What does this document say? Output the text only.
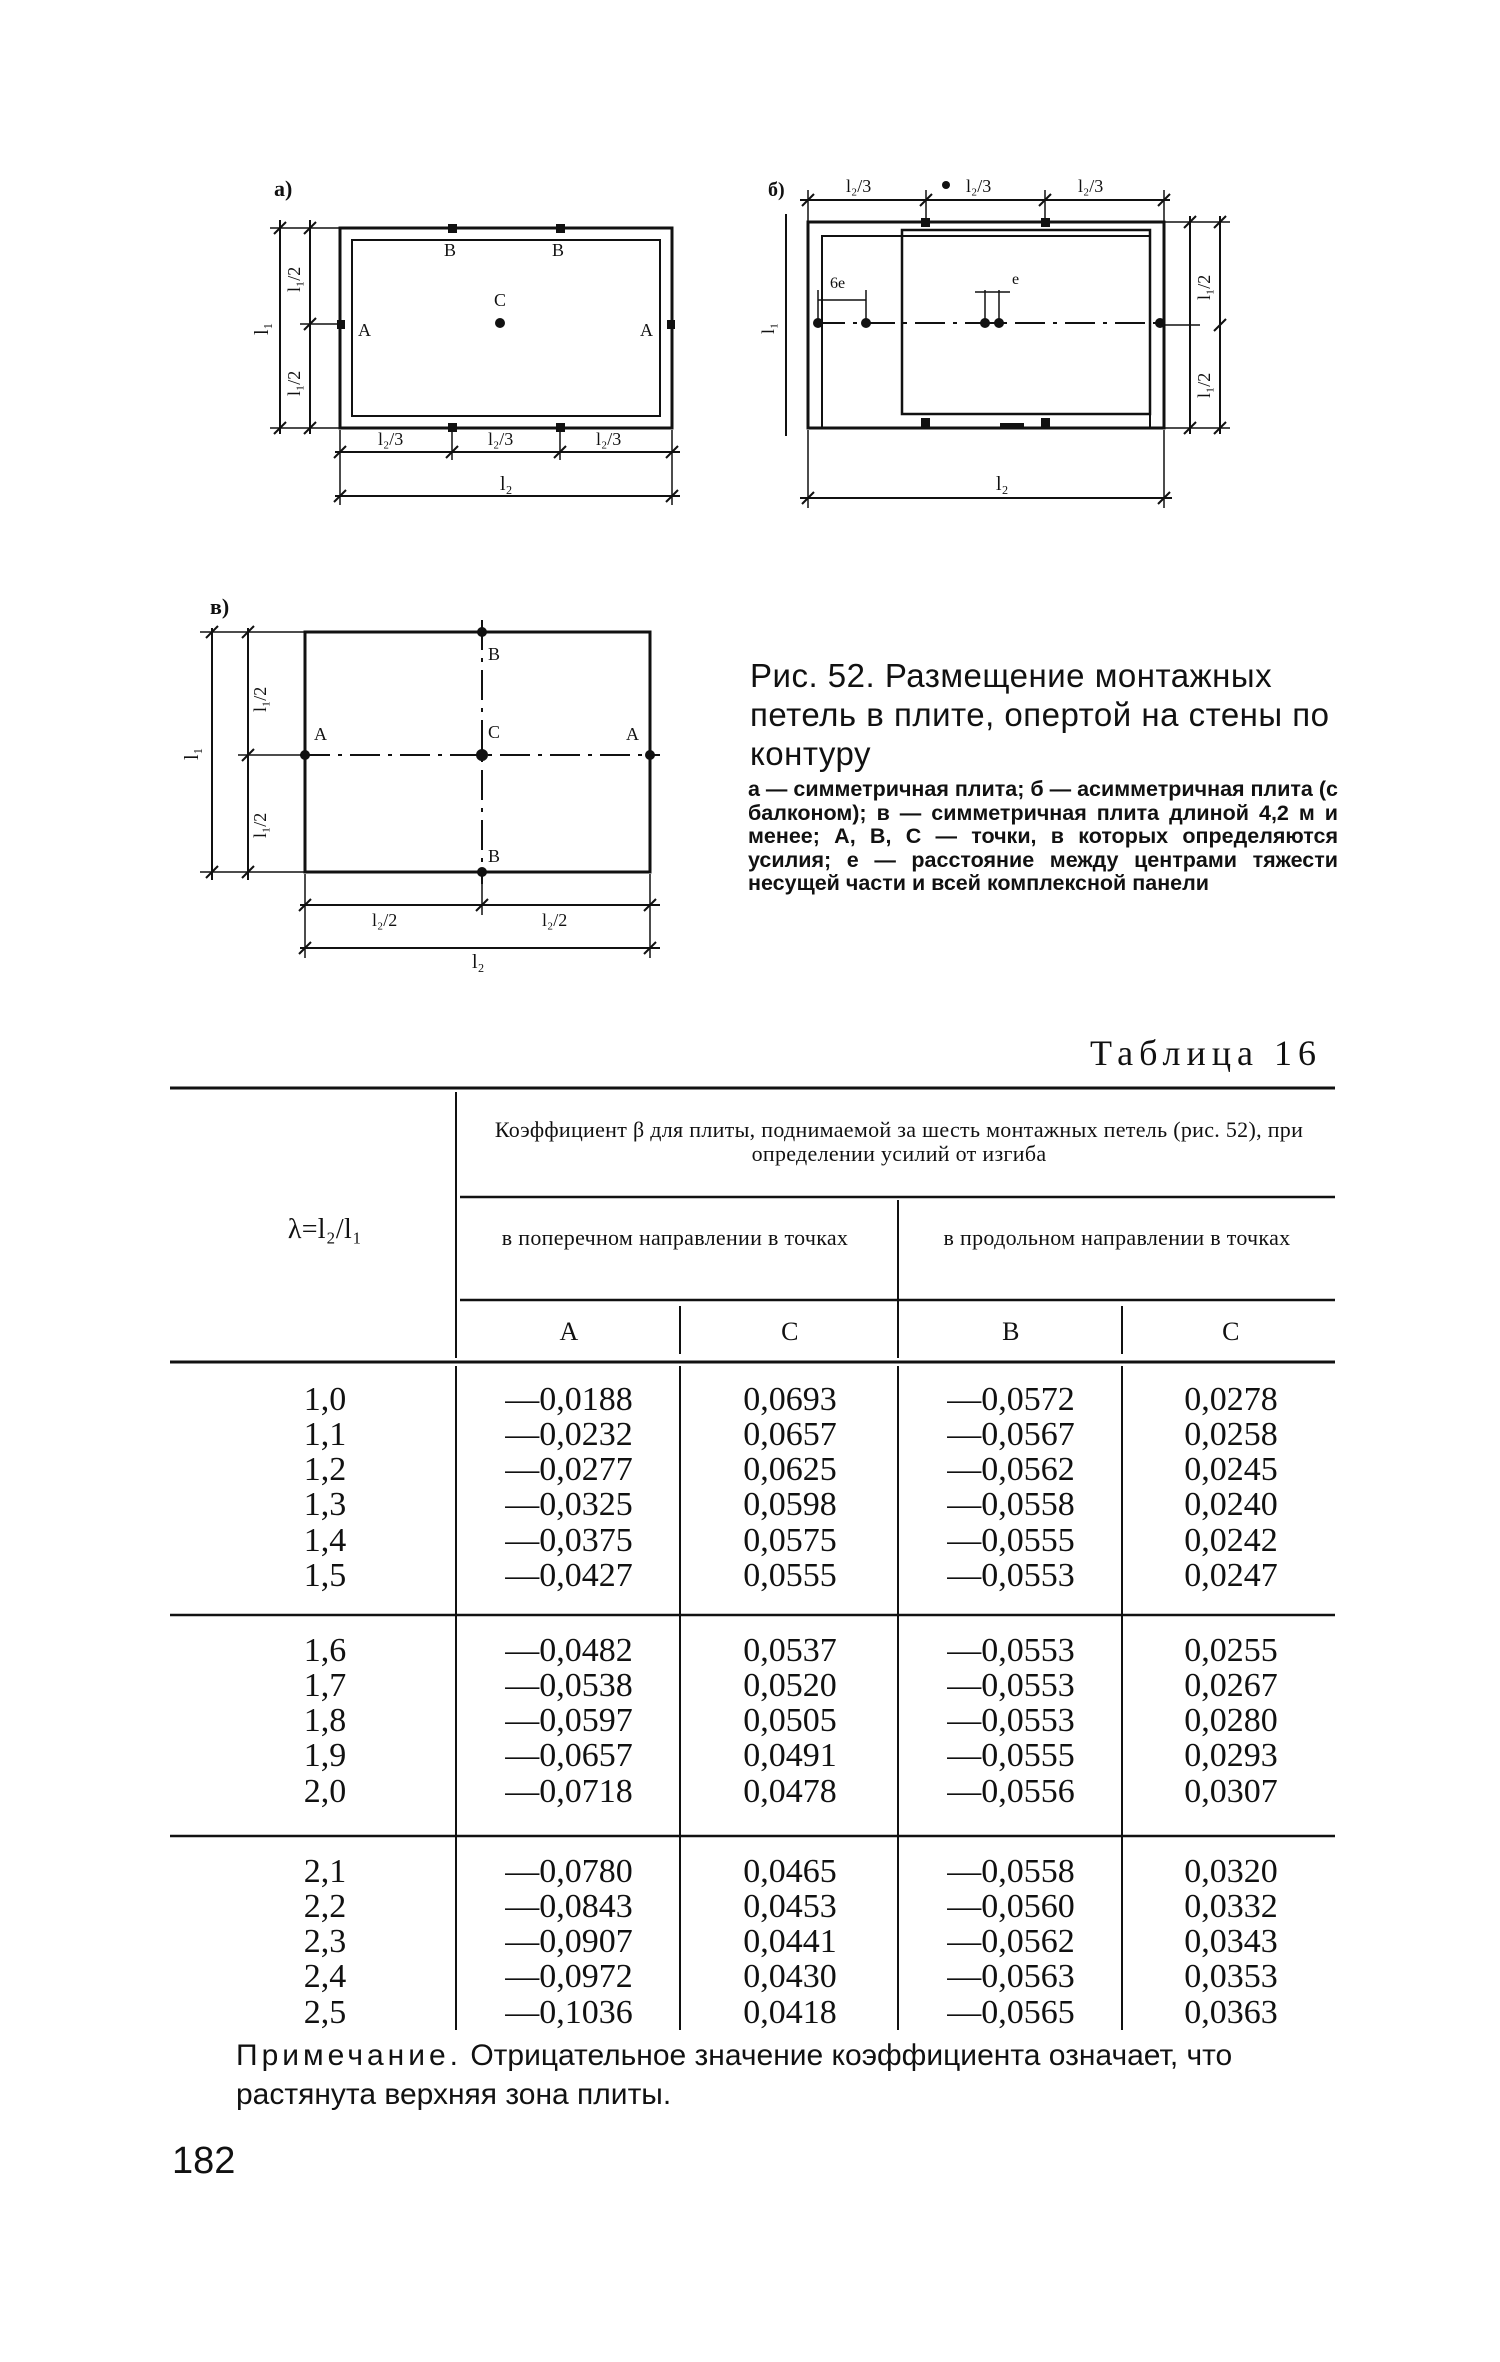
а)
B	B
C
A	A
l₁
l₁/2
l₁/2
l₂/3	l₂/3	l₂/3
l₂
б)	l₂/3	l₂/3	l₂/3
l₁
l₁/2
l₁/2
6e	e
l₂
в)
B
C
B
A	A
l₁
l₁/2
l₁/2
l₂/2	l₂/2
l₂
Рис. 52. Размещение монтажных петель в плите, опертой на стены по контуру
а — симметричная плита; б — асимметричная плита (с балконом); в — симметричная плита длиной 4,2 м и менее; А, В, С — точки, в которых определяются усилия; е — расстояние между центрами тяжести несущей части и всей комплексной панели
Таблица 16
λ=l₂/l₁
Коэффициент β для плиты, поднимаемой за шесть монтажных петель (рис. 52), при определении усилий от изгиба
в поперечном направлении в точках	в продольном направлении в точках
A	C	B	C
1,0	—0,0188	0,0693	—0,0572	0,0278
1,1	—0,0232	0,0657	—0,0567	0,0258
1,2	—0,0277	0,0625	—0,0562	0,0245
1,3	—0,0325	0,0598	—0,0558	0,0240
1,4	—0,0375	0,0575	—0,0555	0,0242
1,5	—0,0427	0,0555	—0,0553	0,0247
1,6	—0,0482	0,0537	—0,0553	0,0255
1,7	—0,0538	0,0520	—0,0553	0,0267
1,8	—0,0597	0,0505	—0,0553	0,0280
1,9	—0,0657	0,0491	—0,0555	0,0293
2,0	—0,0718	0,0478	—0,0556	0,0307
2,1	—0,0780	0,0465	—0,0558	0,0320
2,2	—0,0843	0,0453	—0,0560	0,0332
2,3	—0,0907	0,0441	—0,0562	0,0343
2,4	—0,0972	0,0430	—0,0563	0,0353
2,5	—0,1036	0,0418	—0,0565	0,0363
Примечание. Отрицательное значение коэффициента означает, что растянута верхняя зона плиты.
182
